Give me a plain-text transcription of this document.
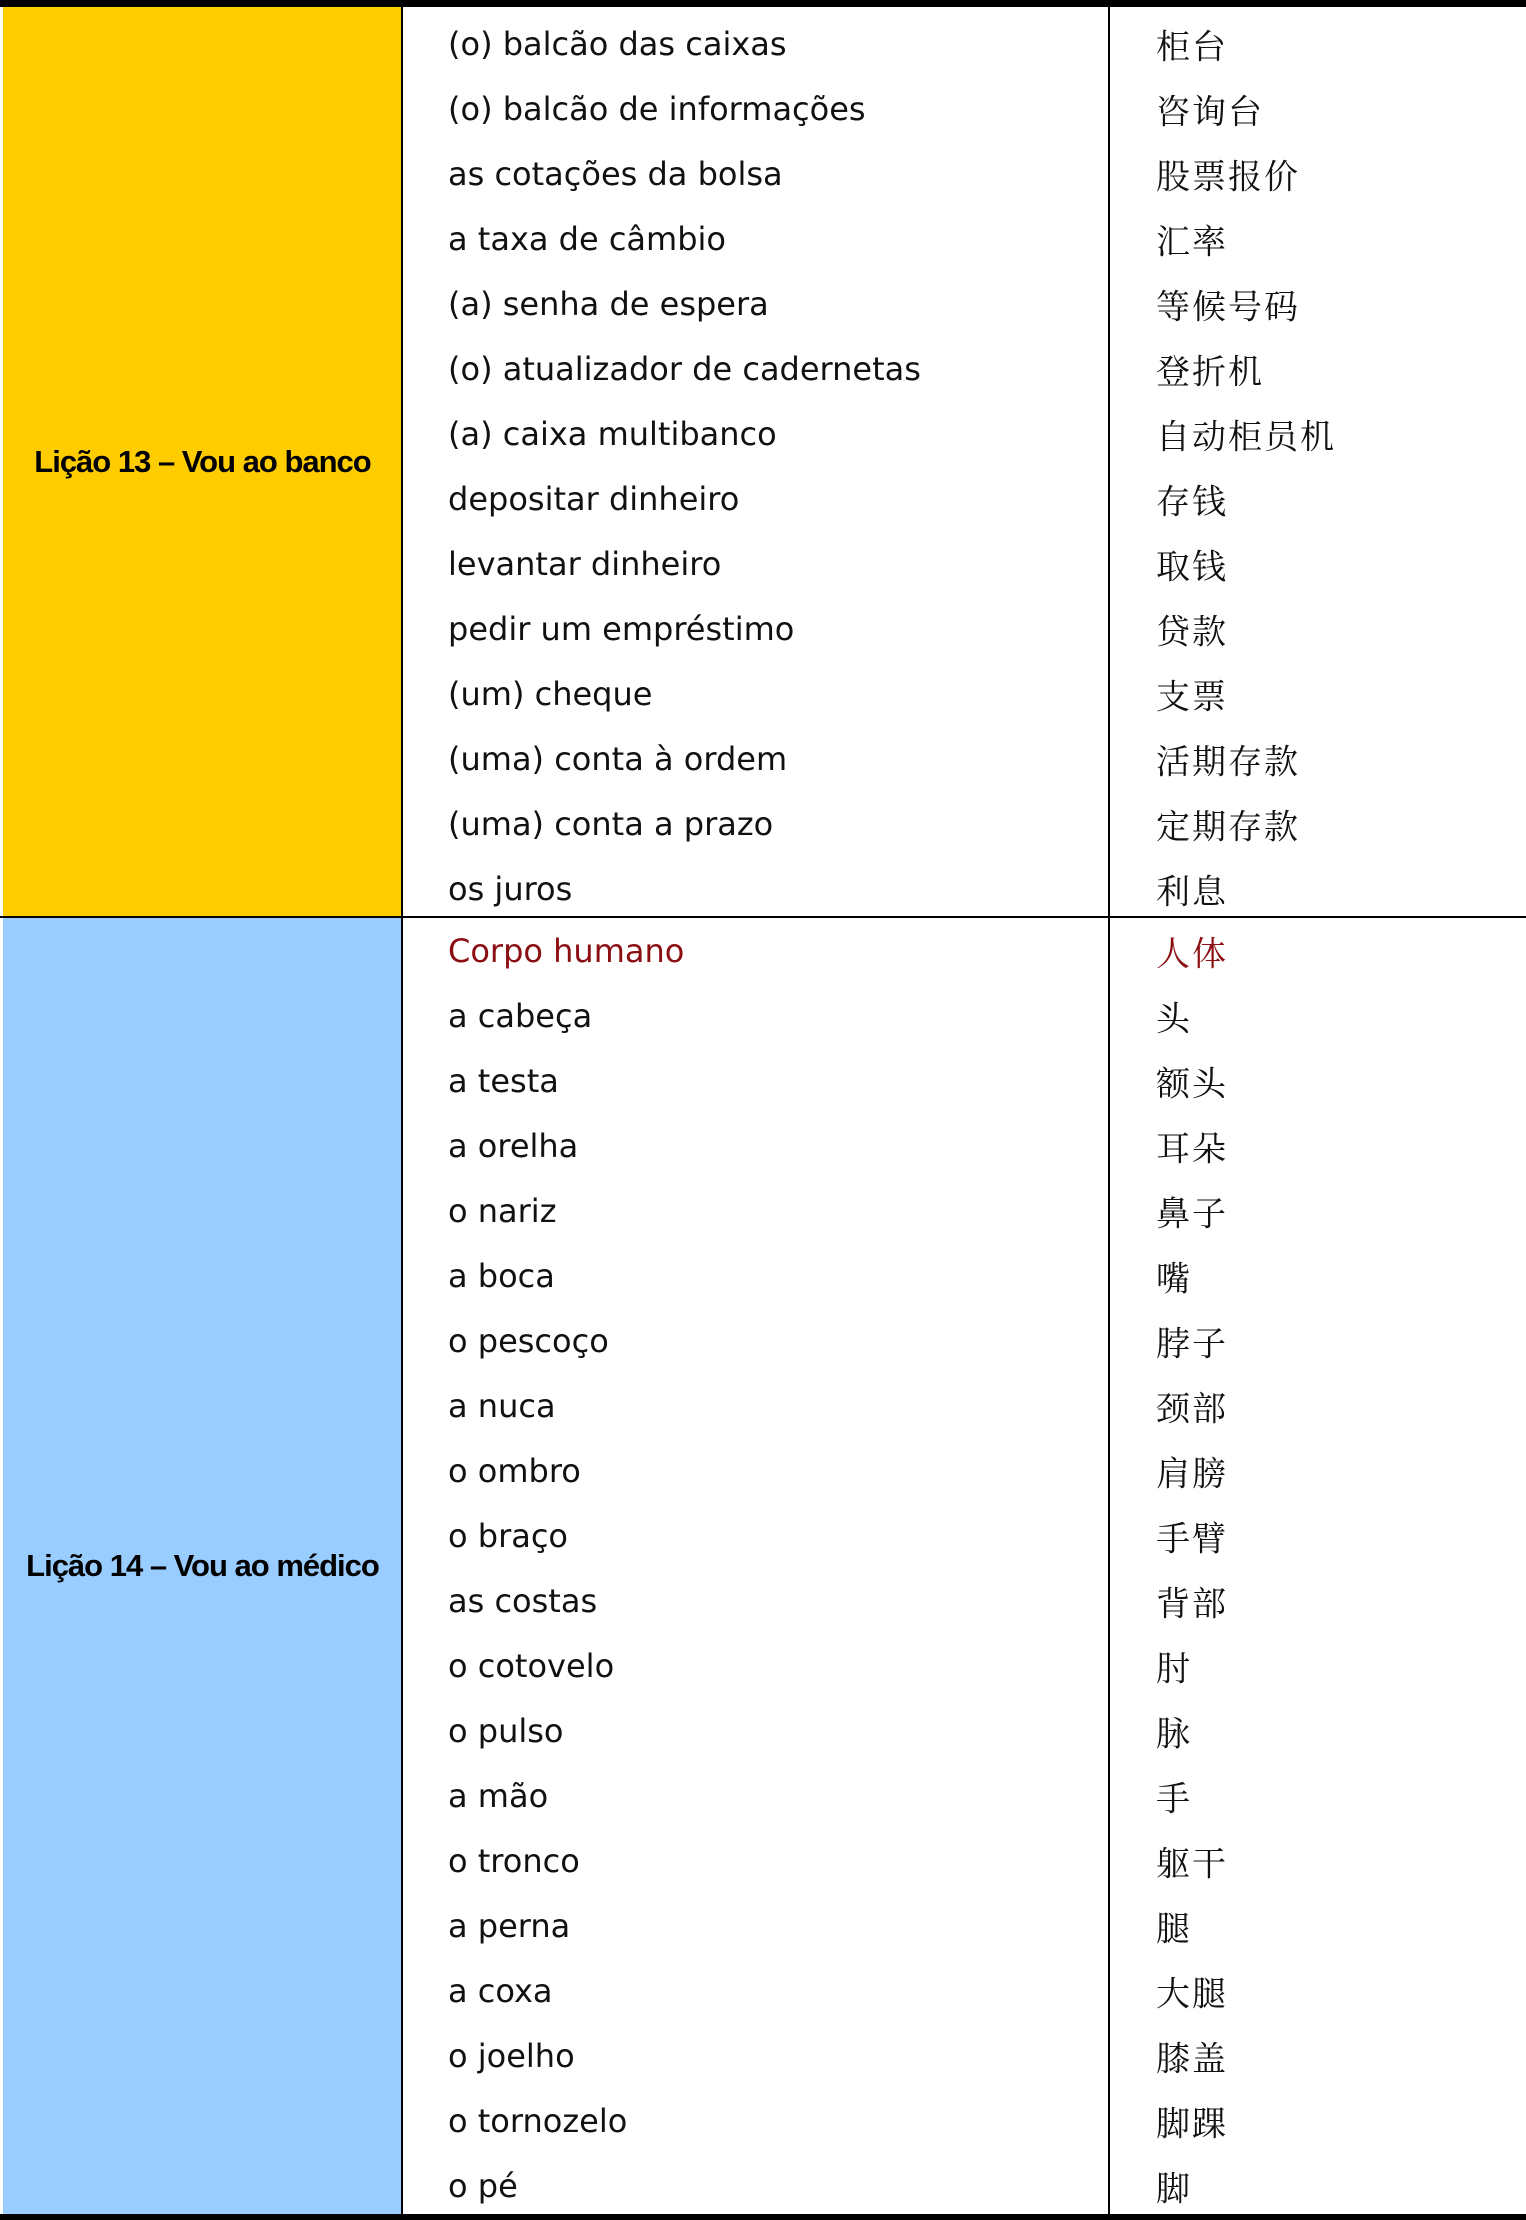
Lição 13 – Vou ao banco
(o) balcão das caixas	柜台
(o) balcão de informações	咨询台
as cotações da bolsa	股票报价
a taxa de câmbio	汇率
(a) senha de espera	等候号码
(o) atualizador de cadernetas	登折机
(a) caixa multibanco	自动柜员机
depositar dinheiro	存钱
levantar dinheiro	取钱
pedir um empréstimo	贷款
(um) cheque	支票
(uma) conta à ordem	活期存款
(uma) conta a prazo	定期存款
os juros	利息
Lição 14 – Vou ao médico
Corpo humano	人体
a cabeça	头
a testa	额头
a orelha	耳朵
o nariz	鼻子
a boca	嘴
o pescoço	脖子
a nuca	颈部
o ombro	肩膀
o braço	手臂
as costas	背部
o cotovelo	肘
o pulso	脉
a mão	手
o tronco	躯干
a perna	腿
a coxa	大腿
o joelho	膝盖
o tornozelo	脚踝
o pé	脚
